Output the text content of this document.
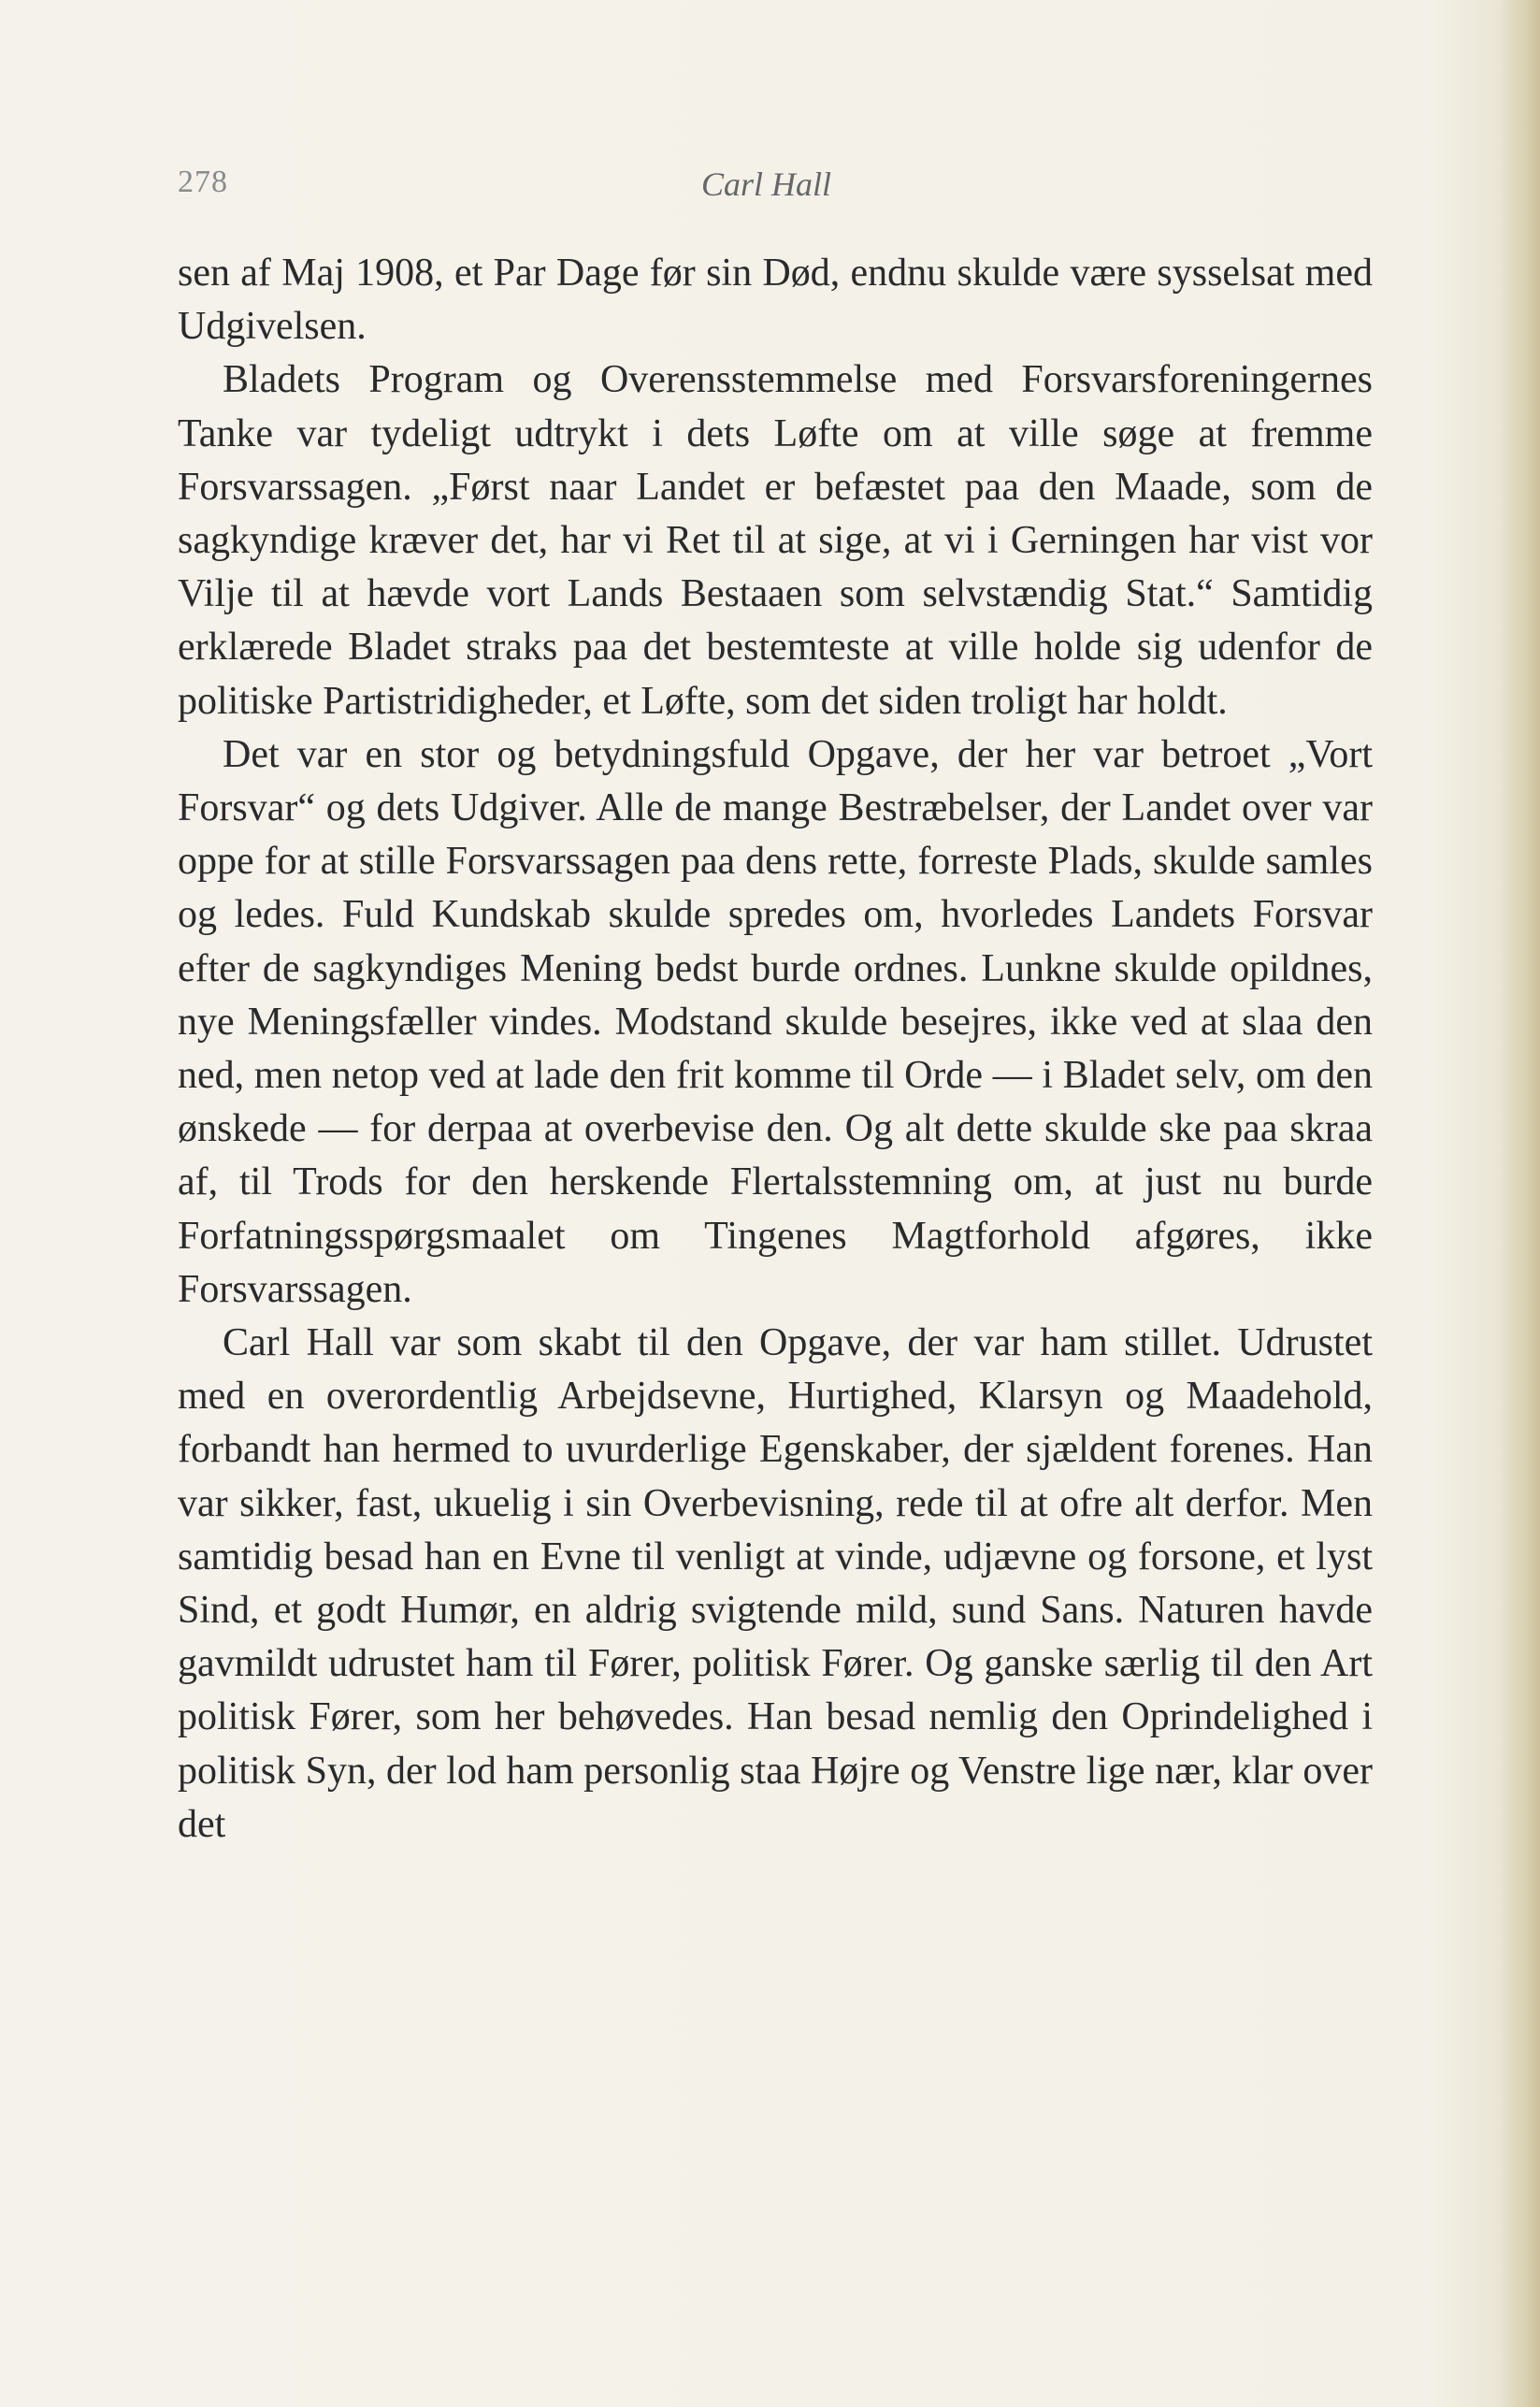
278	Carl Hall

sen af Maj 1908, et Par Dage før sin Død, endnu skulde være sysselsat med Udgivelsen.

Bladets Program og Overensstemmelse med Forsvarsforeningernes Tanke var tydeligt udtrykt i dets Løfte om at ville søge at fremme Forsvarssagen. „Først naar Landet er befæstet paa den Maade, som de sagkyndige kræver det, har vi Ret til at sige, at vi i Gerningen har vist vor Vilje til at hævde vort Lands Bestaaen som selvstændig Stat.“ Samtidig erklærede Bladet straks paa det bestemteste at ville holde sig udenfor de politiske Partistridigheder, et Løfte, som det siden troligt har holdt.

Det var en stor og betydningsfuld Opgave, der her var betroet „Vort Forsvar“ og dets Udgiver. Alle de mange Bestræbelser, der Landet over var oppe for at stille Forsvarssagen paa dens rette, forreste Plads, skulde samles og ledes. Fuld Kundskab skulde spredes om, hvorledes Landets Forsvar efter de sagkyndiges Mening bedst burde ordnes. Lunkne skulde opildnes, nye Meningsfæller vindes. Modstand skulde besejres, ikke ved at slaa den ned, men netop ved at lade den frit komme til Orde — i Bladet selv, om den ønskede — for derpaa at overbevise den. Og alt dette skulde ske paa skraa af, til Trods for den herskende Flertalsstemning om, at just nu burde Forfatningsspørgsmaalet om Tingenes Magtforhold afgøres, ikke Forsvarssagen.

Carl Hall var som skabt til den Opgave, der var ham stillet. Udrustet med en overordentlig Arbejdsevne, Hurtighed, Klarsyn og Maadehold, forbandt han hermed to uvurderlige Egenskaber, der sjældent forenes. Han var sikker, fast, ukuelig i sin Overbevisning, rede til at ofre alt derfor. Men samtidig besad han en Evne til venligt at vinde, udjævne og forsone, et lyst Sind, et godt Humør, en aldrig svigtende mild, sund Sans. Naturen havde gavmildt udrustet ham til Fører, politisk Fører. Og ganske særlig til den Art politisk Fører, som her behøvedes. Han besad nemlig den Oprindelighed i politisk Syn, der lod ham personlig staa Højre og Venstre lige nær, klar over det
